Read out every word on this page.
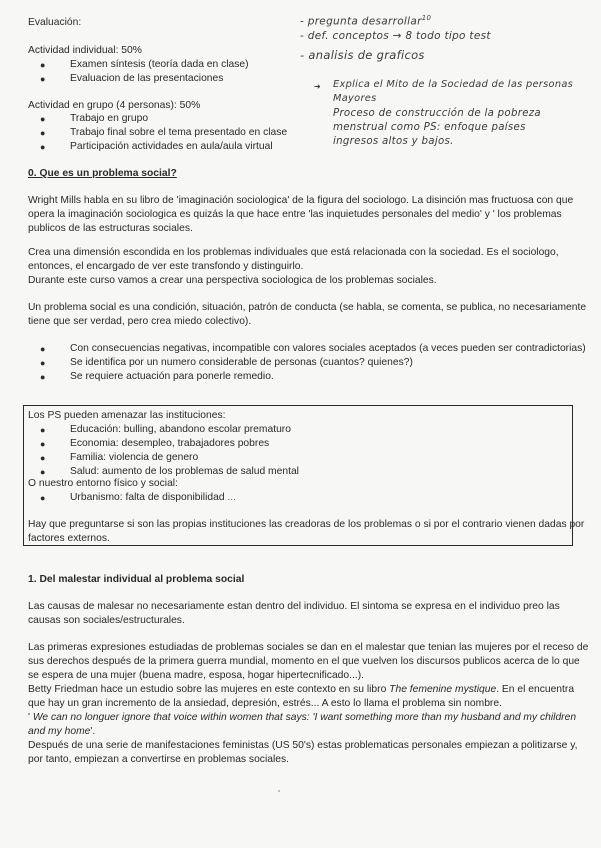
Evaluación:
Actividad individual: 50%
● Examen síntesis (teoría dada en clase)
● Evaluacion de las presentaciones
Actividad en grupo (4 personas): 50%
● Trabajo en grupo
● Trabajo final sobre el tema presentado en clase
● Participación actividades en aula/aula virtual
- pregunta desarrollar$^{10}$
- def. conceptos → 8 todo tipo test
- analisis de graficos
➜ Explica el Mito de la Sociedad de las personas
Mayores
Proceso de construcción de la pobreza
menstrual como PS: enfoque países
ingresos altos y bajos.
0. Que es un problema social?
Wright Mills habla en su libro de 'imaginación sociologica' de la figura del sociologo. La disinción mas fructuosa con que
opera la imaginación sociologica es quizás la que hace entre 'las inquietudes personales del medio' y ' los problemas
publicos de las estructuras sociales.
Crea una dimensión escondida en los problemas individuales que está relacionada con la sociedad. Es el sociologo,
entonces, el encargado de ver este transfondo y distinguirlo.
Durante este curso vamos a crear una perspectiva sociologica de los problemas sociales.
Un problema social es una condición, situación, patrón de conducta (se habla, se comenta, se publica, no necesariamente
tiene que ser verdad, pero crea miedo colectivo).
● Con consecuencias negativas, incompatible con valores sociales aceptados (a veces pueden ser contradictorias)
● Se identifica por un numero considerable de personas (cuantos? quienes?)
● Se requiere actuación para ponerle remedio.
Los PS pueden amenazar las instituciones:
● Educación: bulling, abandono escolar prematuro
● Economia: desempleo, trabajadores pobres
● Familia: violencia de genero
● Salud: aumento de los problemas de salud mental
O nuestro entorno físico y social:
● Urbanismo: falta de disponibilidad ...
Hay que preguntarse si son las propias instituciones las creadoras de los problemas o si por el contrario vienen dadas por
factores externos.
1. Del malestar individual al problema social
Las causas de malesar no necesariamente estan dentro del individuo. El sintoma se expresa en el individuo preo las
causas son sociales/estructurales.
Las primeras expresiones estudiadas de problemas sociales se dan en el malestar que tenian las mujeres por el receso de
sus derechos después de la primera guerra mundial, momento en el que vuelven los discursos publicos acerca de lo que
se espera de una mujer (buena madre, esposa, hogar hipertecnificado...).
Betty Friedman hace un estudio sobre las mujeres en este contexto en su libro The femenine mystique. En el encuentra
que hay un gran incremento de la ansiedad, depresión, estrés... A esto lo llama el problema sin nombre.
' We can no longuer ignore that voice within women that says: 'I want something more than my husband and my children
and my home'.
Después de una serie de manifestaciones feministas (US 50's) estas problematicas personales empiezan a politizarse y,
por tanto, empiezan a convertirse en problemas sociales.
